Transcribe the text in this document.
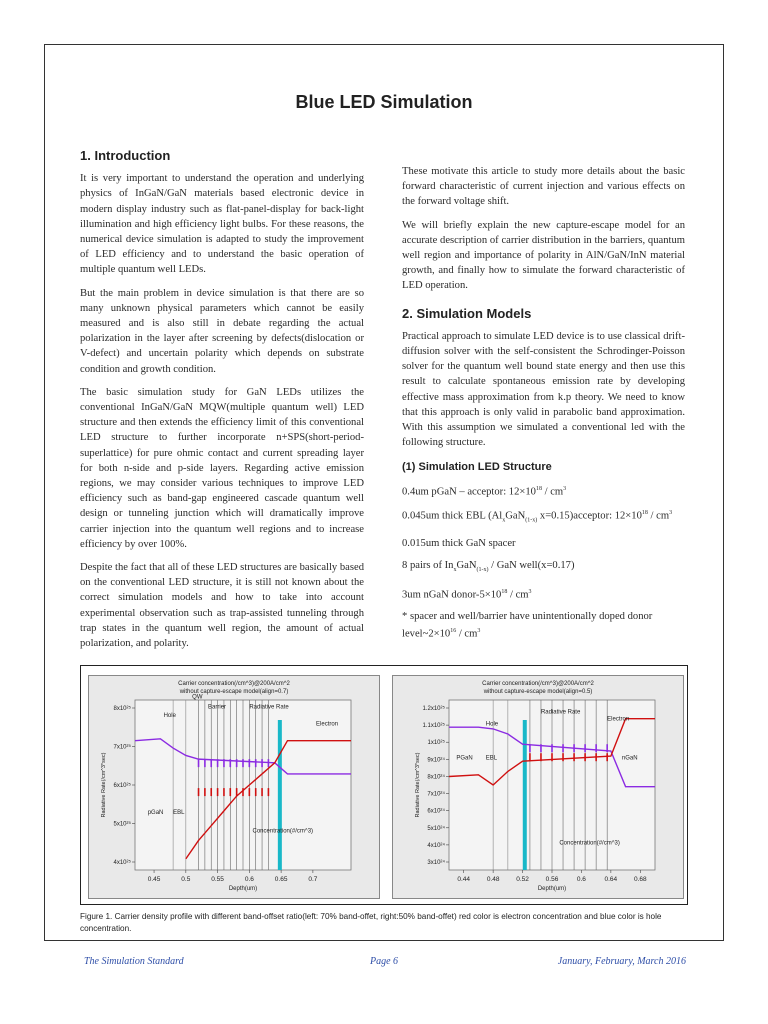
Blue LED Simulation
1. Introduction

It is very important to understand the operation and underlying physics of InGaN/GaN materials based electronic device in modern display industry such as flat-panel-display for back-light illumination and high efficiency light bulbs. For these reasons, the numerical device simulation is adapted to study the improvement of LED efficiency and to understand the basic operation of multiple quantum well LEDs.

But the main problem in device simulation is that there are so many unknown physical parameters which cannot be easily measured and is also still in debate regarding the actual polarization in the layer after screening by defects(dislocation or V-defect) and uncertain polarity which depends on substrate condition and growth condition.

The basic simulation study for GaN LEDs utilizes the conventional InGaN/GaN MQW(multiple quantum well) LED structure and then extends the efficiency limit of this conventional LED structure to further incorporate n+SPS(short-period-superlattice) for pure ohmic contact and current spreading layer for both n-side and p-side layers. Regarding active emission regions, we may consider various techniques to improve LED efficiency such as band-gap engineered cascade quantum well design or tunneling junction which will dramatically improve carrier injection into the quantum well regions and to increase efficiency by over 100%.

Despite the fact that all of these LED structures are basically based on the conventional LED structure, it is still not known about the correct simulation models and how to take into account experimental observation such as trap-assisted tunneling through trap states in the quantum well region, the amount of actual polarization, and polarity.

These motivate this article to study more details about the basic forward characteristic of current injection and various effects on the forward voltage shift.

We will briefly explain the new capture-escape model for an accurate description of carrier distribution in the barriers, quantum well region and importance of polarity in AlN/GaN/InN material growth, and finally how to simulate the forward characteristic of LED operation.

2. Simulation Models

Practical approach to simulate LED device is to use classical drift-diffusion solver with the self-consistent the Schrodinger-Poisson solver for the quantum well bound state energy and then use this result to calculate spontaneous emission rate by developing effective mass approximation from k.p theory. We need to know that this approach is only valid in parabolic band approximation. With this assumption we simulated a conventional led with the following structure.

(1) Simulation LED Structure
0.4um pGaN – acceptor: $12\times 10^{18} / cm^3$
0.045um thick EBL ($Al_xGaN_{(1-x)}$ x=0.15)acceptor: $12\times 10^{18} / cm^3$
0.015um thick GaN spacer
8 pairs of $In_xGaN_{(1-x)}$ / GaN well(x=0.17)
3um nGaN donor-$5\times 10^{18} / cm^3$
* spacer and well/barrier have unintentionally doped donor $level\sim 2\times 10^{16} / cm^3$
Carrier concentration(/cm^3)@200A/cm^2
without capture-escape model(align=0.7)
0.45	0.5	0.55	0.6	0.65	0.7
8x10²⁵
7x10²⁵
6x10²⁵
5x10²⁵
4x10²⁵
Depth(um)
Radiative Rate(/cm^3*sec)
QW
Barrier
Hole
Radiative Rate
Electron
pGaN EBL
Concentration(#/cm^3)
Carrier concentration(/cm^3)@200A/cm^2
without capture-escape model(align=0.5)
0.44	0.48	0.52	0.56	0.6	0.64	0.68
1.2x10²⁵
1.1x10²⁵
1x10²⁵
9x10²⁴
8x10²⁴
7x10²⁴
6x10²⁴
5x10²⁴
4x10²⁴
3x10²⁴
Depth(um)
Radiative Rate(/cm^3*sec)
Hole
Radiative Rate
Electron
PGaN EBL	nGaN
Concentration(#/cm^3)
Figure 1. Carrier density profile with different band-offset ratio(left: 70% band-offet, right:50% band-offet) red color is electron concentration and blue color is hole concentration.
The Simulation Standard	Page 6	January, February, March 2016
